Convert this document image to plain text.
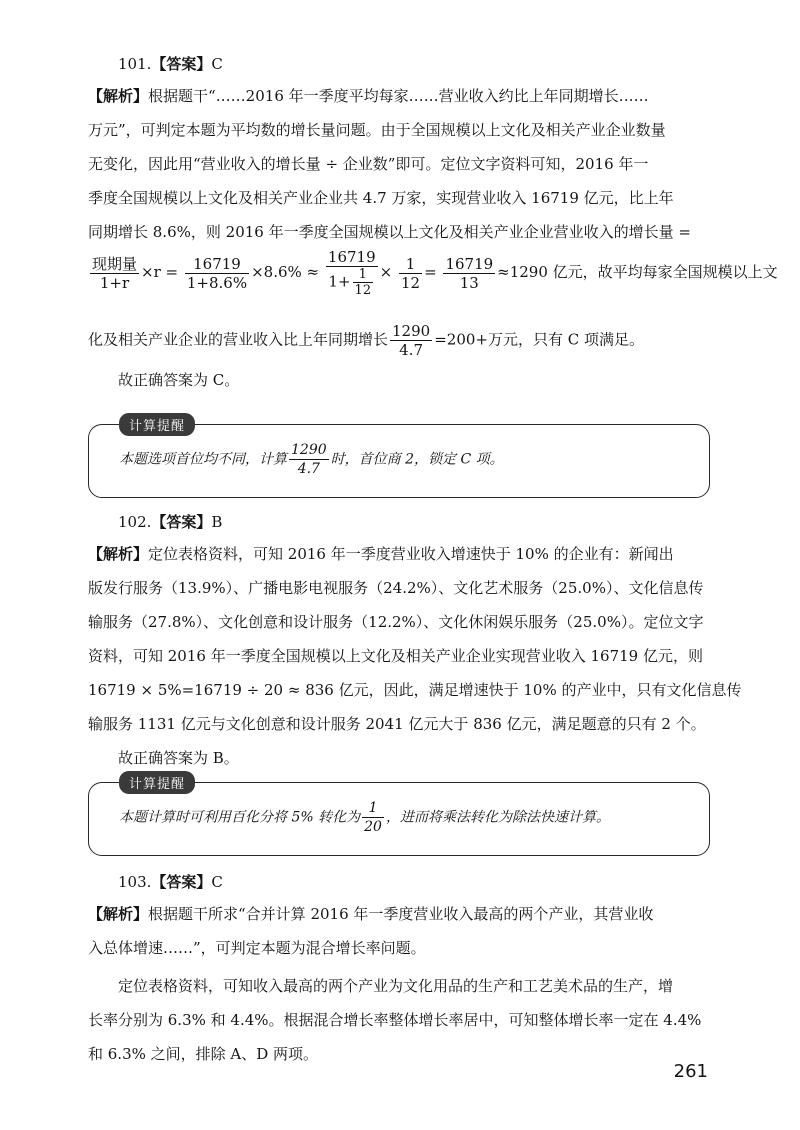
101.【答案】C
【解析】根据题干“……2016 年一季度平均每家……营业收入约比上年同期增长……
万元”，可判定本题为平均数的增长量问题。由于全国规模以上文化及相关产业企业数量
无变化，因此用“营业收入的增长量 ÷ 企业数”即可。定位文字资料可知，2016 年一
季度全国规模以上文化及相关产业企业共 4.7 万家，实现营业收入 16719 亿元，比上年
同期增长 8.6%，则 2016 年一季度全国规模以上文化及相关产业企业营业收入的增长量 =
$\frac{\text{现期量}}{1+r} \times r = \frac{16719}{1+8.6\%} \times 8.6\% \approx \frac{16719}{1+ \frac{1}{12}} \times \frac{1}{12} = \frac{16719}{13} \approx 1290$ 亿元，故平均每家全国规模以上文
化及相关产业企业的营业收入比上年同期增长 $\frac{1290}{4.7} =200+$万元，只有 C 项满足。
故正确答案为 C。
计算提醒
本题选项首位均不同，计算 $\frac{1290}{4.7}$ 时，首位商 2，锁定 C 项。
102.【答案】B
【解析】定位表格资料，可知 2016 年一季度营业收入增速快于 10% 的企业有：新闻出
版发行服务（13.9%）、广播电影电视服务（24.2%）、文化艺术服务（25.0%）、文化信息传
输服务（27.8%）、文化创意和设计服务（12.2%）、文化休闲娱乐服务（25.0%）。定位文字
资料，可知 2016 年一季度全国规模以上文化及相关产业企业实现营业收入 16719 亿元，则
16719 × 5%=16719 ÷ 20 ≈ 836 亿元，因此，满足增速快于 10% 的产业中，只有文化信息传
输服务 1131 亿元与文化创意和设计服务 2041 亿元大于 836 亿元，满足题意的只有 2 个。
故正确答案为 B。
计算提醒
本题计算时可利用百化分将 5% 转化为 $\frac{1}{20}$ ，进而将乘法转化为除法快速计算。
103.【答案】C
【解析】根据题干所求“合并计算 2016 年一季度营业收入最高的两个产业，其营业收
入总体增速……”，可判定本题为混合增长率问题。
定位表格资料，可知收入最高的两个产业为文化用品的生产和工艺美术品的生产，增
长率分别为 6.3% 和 4.4%。根据混合增长率整体增长率居中，可知整体增长率一定在 4.4%
和 6.3% 之间，排除 A、D 两项。
261
